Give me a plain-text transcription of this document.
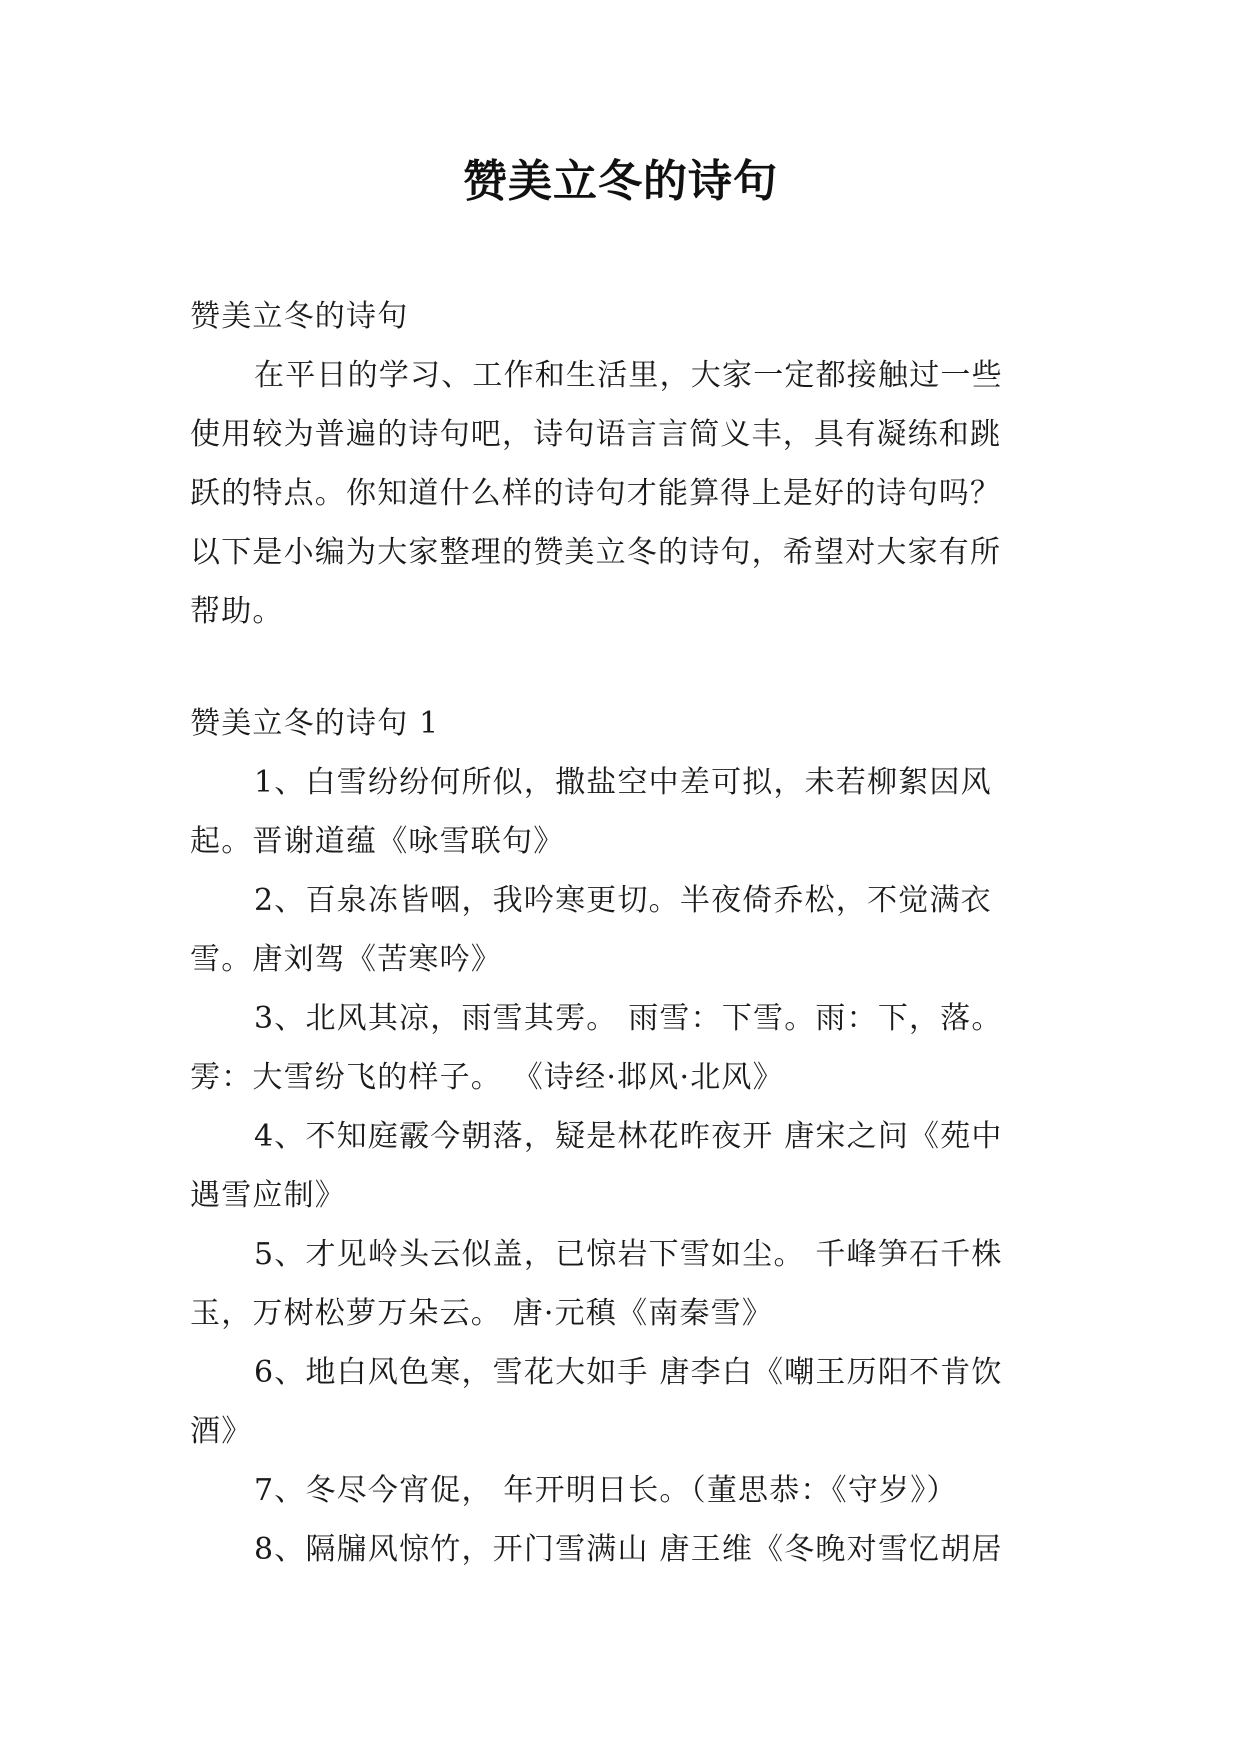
赞美立冬的诗句
赞美立冬的诗句
在平日的学习、工作和生活里，大家一定都接触过一些
使用较为普遍的诗句吧，诗句语言言简义丰，具有凝练和跳
跃的特点。你知道什么样的诗句才能算得上是好的诗句吗？
以下是小编为大家整理的赞美立冬的诗句，希望对大家有所
帮助。
赞美立冬的诗句 1
1、白雪纷纷何所似，撒盐空中差可拟，未若柳絮因风
起。晋谢道蕴《咏雪联句》
2、百泉冻皆咽，我吟寒更切。半夜倚乔松，不觉满衣
雪。唐刘驾《苦寒吟》
3、北风其凉，雨雪其雱。 雨雪：下雪。雨：下，落。
雱：大雪纷飞的样子。 《诗经·邶风·北风》
4、不知庭霰今朝落，疑是林花昨夜开 唐宋之问《苑中
遇雪应制》
5、才见岭头云似盖，已惊岩下雪如尘。 千峰笋石千株
玉，万树松萝万朵云。 唐·元稹《南秦雪》
6、地白风色寒，雪花大如手 唐李白《嘲王历阳不肯饮
酒》
7、冬尽今宵促， 年开明日长。（董思恭：《守岁》）
8、隔牖风惊竹，开门雪满山 唐王维《冬晚对雪忆胡居
